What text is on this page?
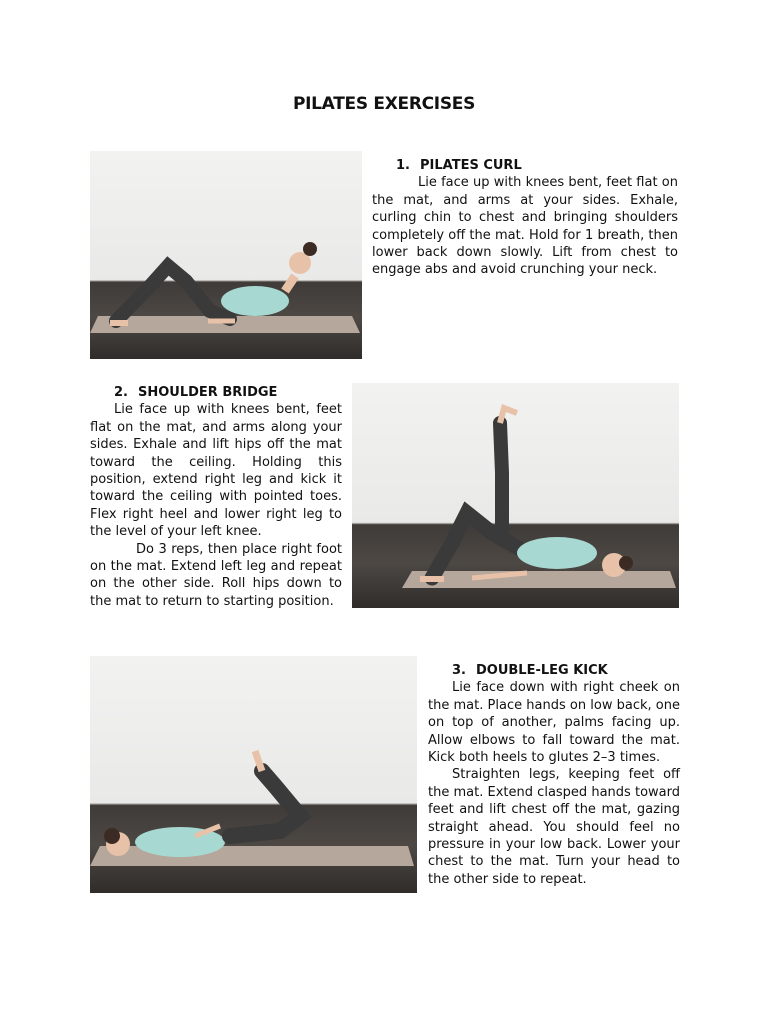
PILATES EXERCISES
1. PILATES CURL

Lie face up with knees bent, feet flat on the mat, and arms at your sides. Exhale, curling chin to chest and bringing shoulders completely off the mat. Hold for 1 breath, then lower back down slowly. Lift from chest to engage abs and avoid crunching your neck.

2. SHOULDER BRIDGE

Lie face up with knees bent, feet flat on the mat, and arms along your sides. Exhale and lift hips off the mat toward the ceiling. Holding this position, extend right leg and kick it toward the ceiling with pointed toes. Flex right heel and lower right leg to the level of your left knee.

Do 3 reps, then place right foot on the mat. Extend left leg and repeat on the other side. Roll hips down to the mat to return to starting position.

3. DOUBLE-LEG KICK

Lie face down with right cheek on the mat. Place hands on low back, one on top of another, palms facing up. Allow elbows to fall toward the mat. Kick both heels to glutes 2–3 times.

Straighten legs, keeping feet off the mat. Extend clasped hands toward feet and lift chest off the mat, gazing straight ahead. You should feel no pressure in your low back. Lower your chest to the mat. Turn your head to the other side to repeat.
